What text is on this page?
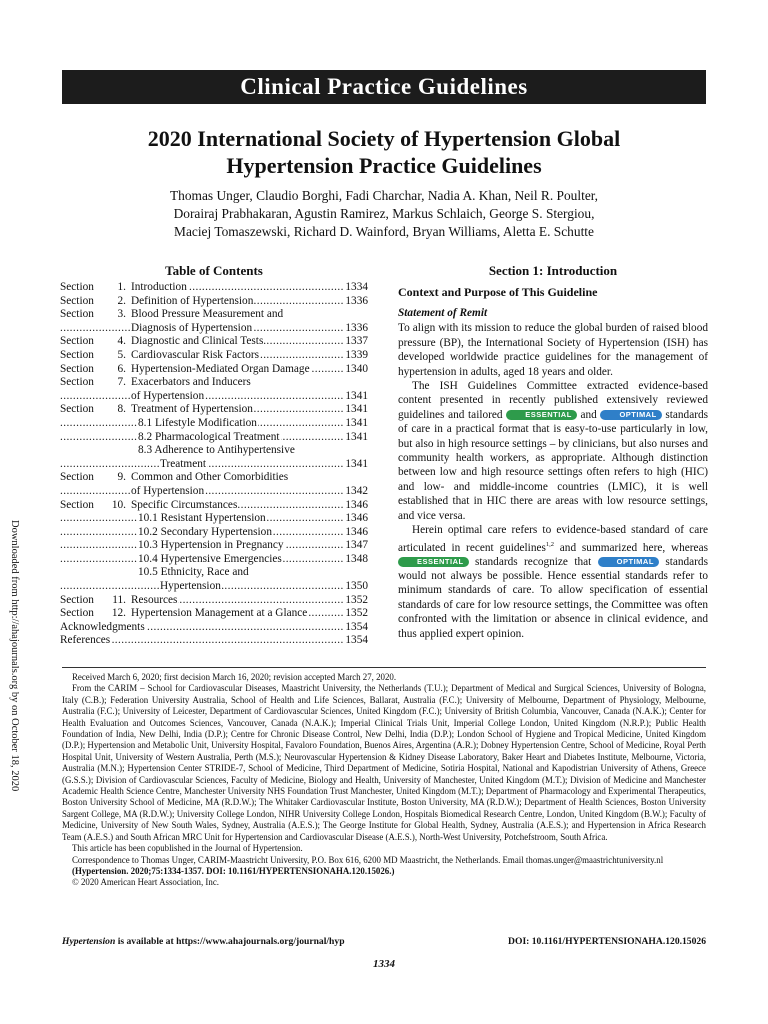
Clinical Practice Guidelines
2020 International Society of Hypertension Global
Hypertension Practice Guidelines
Thomas Unger, Claudio Borghi, Fadi Charchar, Nadia A. Khan, Neil R. Poulter,
Dorairaj Prabhakaran, Agustin Ramirez, Markus Schlaich, George S. Stergiou,
Maciej Tomaszewski, Richard D. Wainford, Bryan Williams, Aletta E. Schutte
Downloaded from http://ahajournals.org by on October 18, 2020
Table of Contents
Section	1. Introduction .....	1334
Section	2. Definition of Hypertension .....	1336
Section	3. Blood Pressure Measurement and
Diagnosis of Hypertension .....	1336
Section	4. Diagnostic and Clinical Tests .....	1337
Section	5. Cardiovascular Risk Factors .....	1339
Section	6. Hypertension-Mediated Organ Damage .....	1340
Section	7. Exacerbators and Inducers
of Hypertension .....	1341
Section	8. Treatment of Hypertension .....	1341
8.1 Lifestyle Modification .....	1341
8.2 Pharmacological Treatment .....	1341
8.3 Adherence to Antihypertensive
Treatment .....	1341
Section	9. Common and Other Comorbidities
of Hypertension .....	1342
Section	10. Specific Circumstances .....	1346
10.1 Resistant Hypertension .....	1346
10.2 Secondary Hypertension .....	1346
10.3 Hypertension in Pregnancy .....	1347
10.4 Hypertensive Emergencies .....	1348
10.5 Ethnicity, Race and
Hypertension .....	1350
Section	11. Resources .....	1352
Section	12. Hypertension Management at a Glance .....	1352
Acknowledgments .....	1354
References .....	1354
Section 1: Introduction
Context and Purpose of This Guideline
Statement of Remit

To align with its mission to reduce the global burden of raised blood pressure (BP), the International Society of Hypertension (ISH) has developed worldwide practice guidelines for the management of hypertension in adults, aged 18 years and older.

The ISH Guidelines Committee extracted evidence-based content presented in recently published extensively reviewed guidelines and tailored	ESSENTIAL and	OPTIMAL standards of care in a practical format that is easy-to-use particularly in low, but also in high resource settings – by clinicians, but also nurses and community health workers, as appropriate. Although distinction between low and high resource settings often refers to high (HIC) and low- and middle-income countries (LMIC), it is well established that in HIC there are areas with low resource settings, and vice versa.

Herein optimal care refers to evidence-based standard of care articulated in recent guidelines$^{1,2}$ and summarized here, whereas ESSENTIAL standards recognize that	OPTIMAL standards would not always be possible. Hence essential standards refer to minimum standards of care. To allow specification of essential standards of care for low resource settings, the Committee was often confronted with the limitation or absence in clinical evidence, and thus applied expert opinion.

Received March 6, 2020; first decision March 16, 2020; revision accepted March 27, 2020.

From the CARIM – School for Cardiovascular Diseases, Maastricht University, the Netherlands (T.U.); Department of Medical and Surgical Sciences, University of Bologna, Italy (C.B.); Federation University Australia, School of Health and Life Sciences, Ballarat, Australia (F.C.); University of Melbourne, Department of Physiology, Melbourne, Australia (F.C.); University of Leicester, Department of Cardiovascular Sciences, United Kingdom (F.C.); University of British Columbia, Vancouver, Canada (N.A.K.); Center for Health Evaluation and Outcomes Sciences, Vancouver, Canada (N.A.K.); Imperial Clinical Trials Unit, Imperial College London, United Kingdom (N.R.P.); Public Health Foundation of India, New Delhi, India (D.P.); Centre for Chronic Disease Control, New Delhi, India (D.P.); London School of Hygiene and Tropical Medicine, United Kingdom (D.P.); Hypertension and Metabolic Unit, University Hospital, Favaloro Foundation, Buenos Aires, Argentina (A.R.); Dobney Hypertension Centre, School of Medicine, Royal Perth Hospital Unit, University of Western Australia, Perth (M.S.); Neurovascular Hypertension & Kidney Disease Laboratory, Baker Heart and Diabetes Institute, Melbourne, Victoria, Australia (M.N.); Hypertension Center STRIDE-7, School of Medicine, Third Department of Medicine, Sotiria Hospital, National and Kapodistrian University of Athens, Greece (G.S.S.); Division of Cardiovascular Sciences, Faculty of Medicine, Biology and Health, University of Manchester, United Kingdom (M.T.); Division of Medicine and Manchester Academic Health Science Centre, Manchester University NHS Foundation Trust Manchester, United Kingdom (M.T.); Department of Pharmacology and Experimental Therapeutics, Boston University School of Medicine, MA (R.D.W.); The Whitaker Cardiovascular Institute, Boston University, MA (R.D.W.); Department of Health Sciences, Boston University Sargent College, MA (R.D.W.); University College London, NIHR University College London, Hospitals Biomedical Research Centre, London, United Kingdom (B.W.); Faculty of Medicine, University of New South Wales, Sydney, Australia (A.E.S.); The George Institute for Global Health, Sydney, Australia (A.E.S.); and Hypertension in Africa Research Team (A.E.S.) and South African MRC Unit for Hypertension and Cardiovascular Disease (A.E.S.), North-West University, Potchefstroom, South Africa.

This article has been copublished in the Journal of Hypertension.

Correspondence to Thomas Unger, CARIM-Maastricht University, P.O. Box 616, 6200 MD Maastricht, the Netherlands. Email thomas.unger@maastrichtuniversity.nl

(Hypertension. 2020;75:1334-1357. DOI: 10.1161/HYPERTENSIONAHA.120.15026.)

© 2020 American Heart Association, Inc.

Hypertension is available at https://www.ahajournals.org/journal/hyp	DOI: 10.1161/HYPERTENSIONAHA.120.15026
1334
